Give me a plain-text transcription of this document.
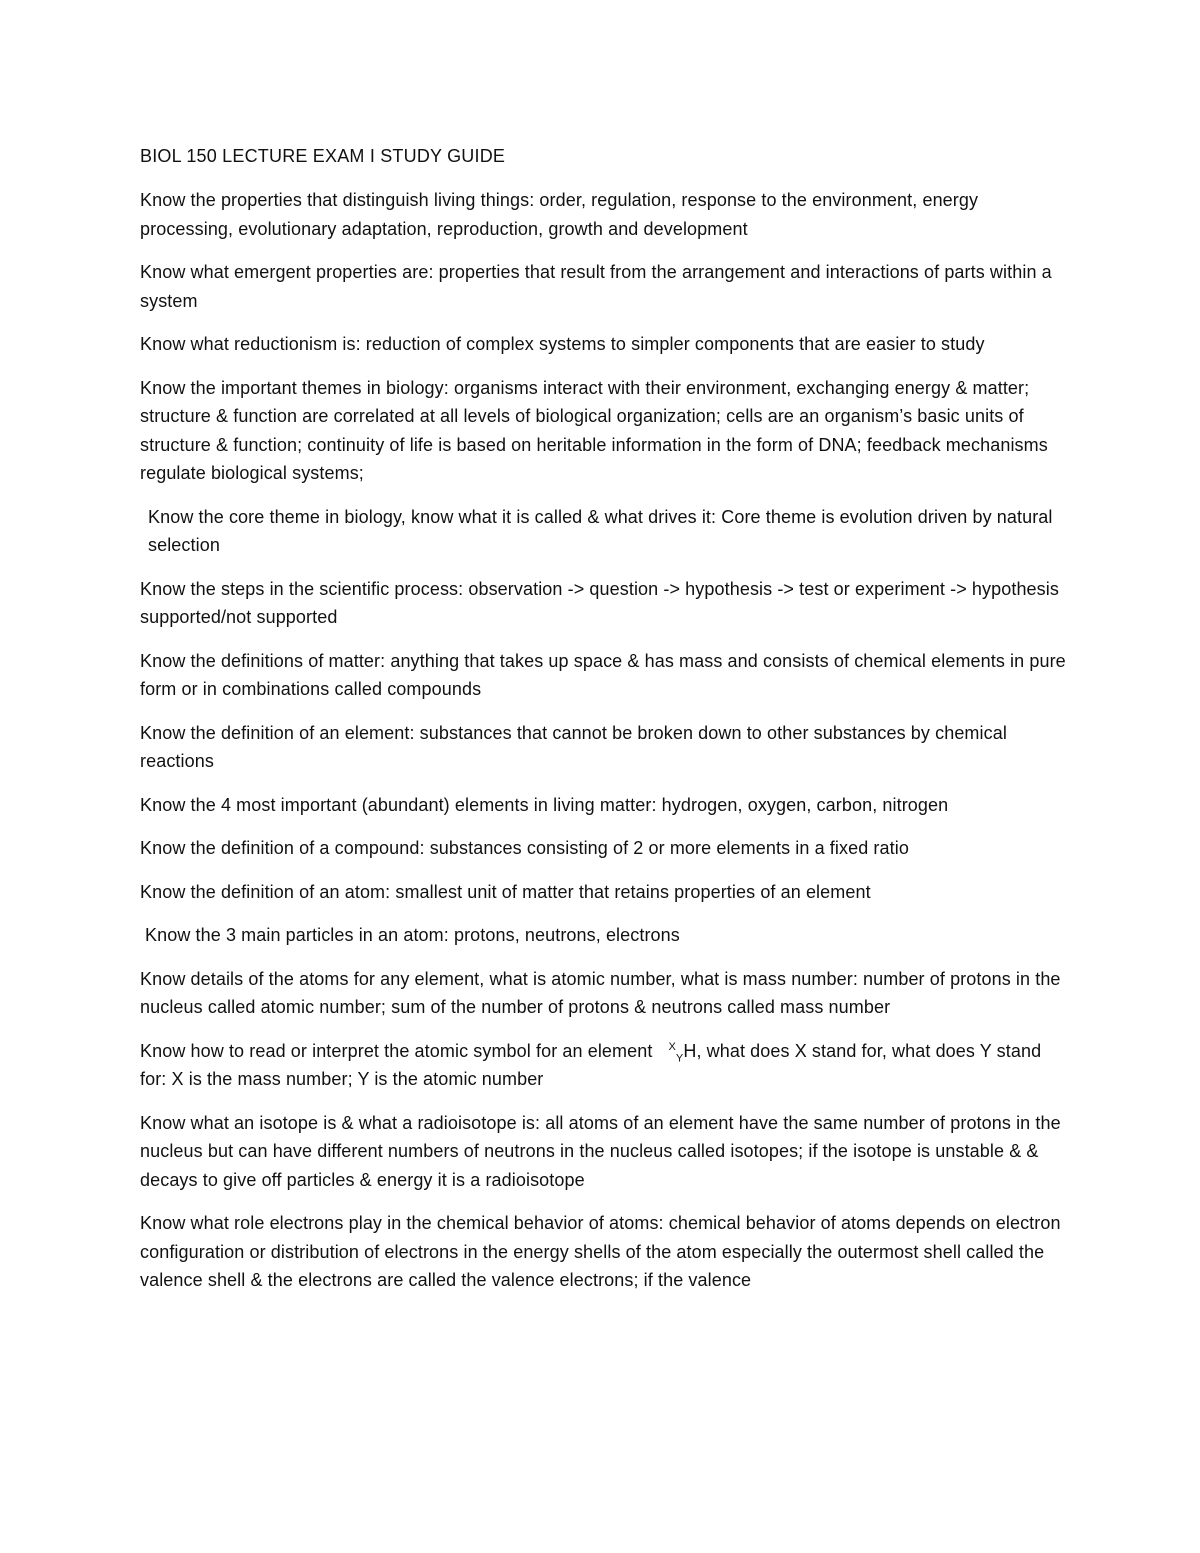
BIOL 150 LECTURE EXAM I STUDY GUIDE

Know the properties that distinguish living things: order, regulation, response to the environment, energy processing, evolutionary adaptation, reproduction, growth and development

Know what emergent properties are: properties that result from the arrangement and interactions of parts within a system

Know what reductionism is: reduction of complex systems to simpler components that are easier to study

Know the important themes in biology: organisms interact with their environment, exchanging energy & matter; structure & function are correlated at all levels of biological organization; cells are an organism’s basic units of structure & function; continuity of life is based on heritable information in the form of DNA; feedback mechanisms regulate biological systems;

Know the core theme in biology, know what it is called & what drives it: Core theme is evolution driven by natural selection

Know the steps in the scientific process: observation -> question -> hypothesis -> test or experiment -> hypothesis supported/not supported

Know the definitions of matter: anything that takes up space & has mass and consists of chemical elements in pure form or in combinations called compounds

Know the definition of an element: substances that cannot be broken down to other substances by chemical reactions

Know the 4 most important (abundant) elements in living matter: hydrogen, oxygen, carbon, nitrogen

Know the definition of a compound: substances consisting of 2 or more elements in a fixed ratio

Know the definition of an atom: smallest unit of matter that retains properties of an element

Know the 3 main particles in an atom: protons, neutrons, electrons

Know details of the atoms for any element, what is atomic number, what is mass number: number of protons in the nucleus called atomic number; sum of the number of protons & neutrons called mass number

Know how to read or interpret the atomic symbol for an element $^X_Y$H, what does X stand for, what does Y stand for: X is the mass number; Y is the atomic number

Know what an isotope is & what a radioisotope is: all atoms of an element have the same number of protons in the nucleus but can have different numbers of neutrons in the nucleus called isotopes; if the isotope is unstable & & decays to give off particles & energy it is a radioisotope

Know what role electrons play in the chemical behavior of atoms: chemical behavior of atoms depends on electron configuration or distribution of electrons in the energy shells of the atom especially the outermost shell called the valence shell & the electrons are called the valence electrons; if the valence
